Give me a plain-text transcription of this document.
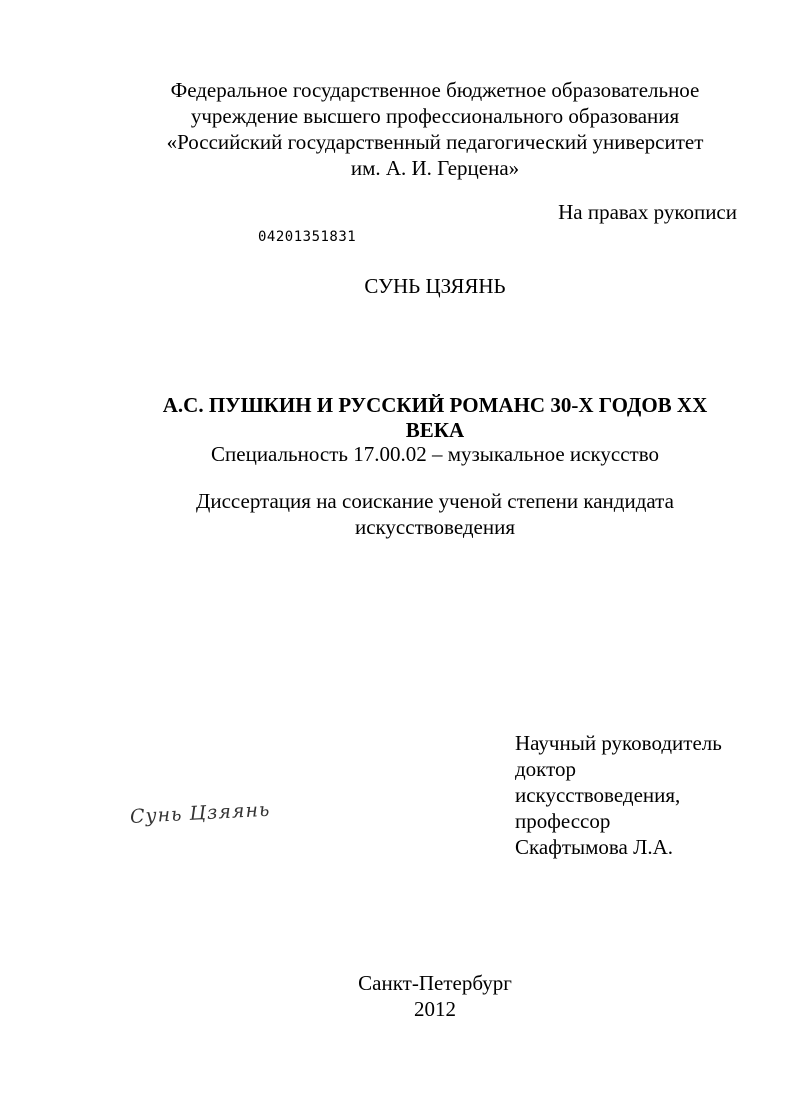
Федеральное государственное бюджетное образовательное
учреждение высшего профессионального образования
«Российский государственный педагогический университет
им. А. И. Герцена»
На правах рукописи
04201351831
СУНЬ ЦЗЯЯНЬ
А.С. ПУШКИН И РУССКИЙ РОМАНС 30-Х ГОДОВ XX
ВЕКА
Специальность 17.00.02 – музыкальное искусство
Диссертация на соискание ученой степени кандидата
искусствоведения
Сунь Цзяянь
Научный руководитель
доктор
искусствоведения,
профессор
Скафтымова Л.А.
Санкт-Петербург
2012
